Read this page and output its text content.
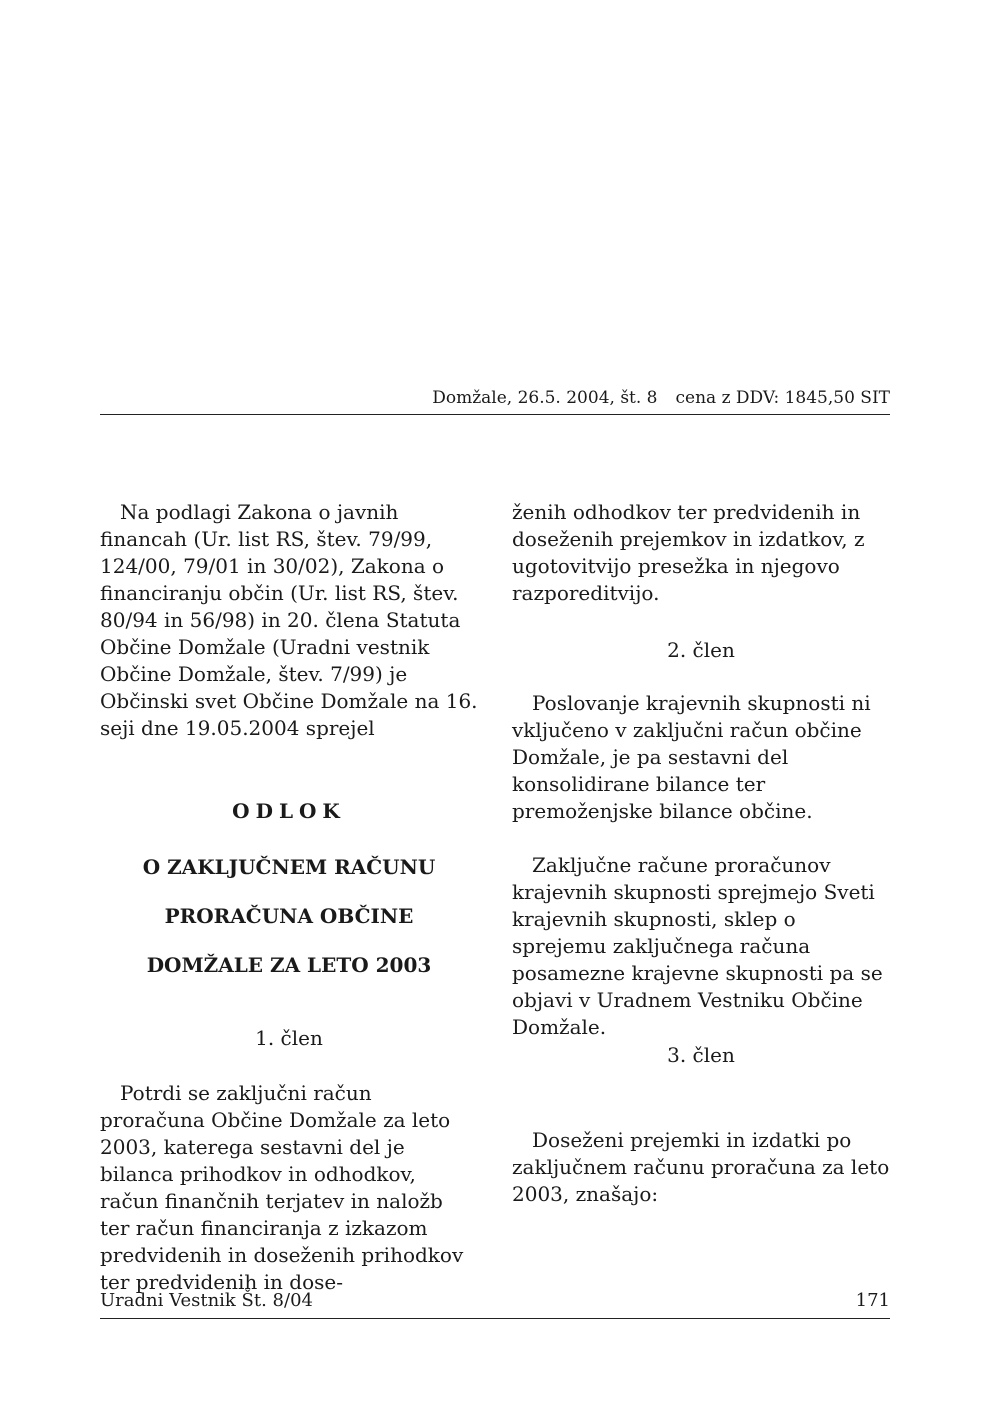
Domžale, 26.5. 2004, št. 8 cena z DDV: 1845,50 SIT

Na podlagi Zakona o javnih financah (Ur. list RS, štev. 79/99, 124/00, 79/01 in 30/02), Zakona o financiranju občin (Ur. list RS, štev. 80/94 in 56/98) in 20. člena Statuta Občine Domžale (Uradni vestnik Občine Domžale, štev. 7/99) je Občinski svet Občine Domžale na 16. seji dne 19.05.2004 sprejel

ODLOK

O ZAKLJUČNEM RAČUNU

PRORAČUNA OBČINE

DOMŽALE ZA LETO 2003

1. člen

Potrdi se zaključni račun proračuna Občine Domžale za leto 2003, katerega sestavni del je bilanca prihodkov in odhodkov, račun finančnih terjatev in naložb ter račun financiranja z izkazom predvidenih in doseženih prihodkov ter predvidenih in dose-

ženih odhodkov ter predvidenih in doseženih prejemkov in izdatkov, z ugotovitvijo presežka in njegovo razporeditvijo.

2. člen

Poslovanje krajevnih skupnosti ni vključeno v zaključni račun občine Domžale, je pa sestavni del konsolidirane bilance ter premoženjske bilance občine.

Zaključne račune proračunov krajevnih skupnosti sprejmejo Sveti krajevnih skupnosti, sklep o sprejemu zaključnega računa posamezne krajevne skupnosti pa se objavi v Uradnem Vestniku Občine Domžale.

3. člen

Doseženi prejemki in izdatki po zaključnem računu proračuna za leto 2003, znašajo:

Uradni Vestnik Št. 8/04	171
